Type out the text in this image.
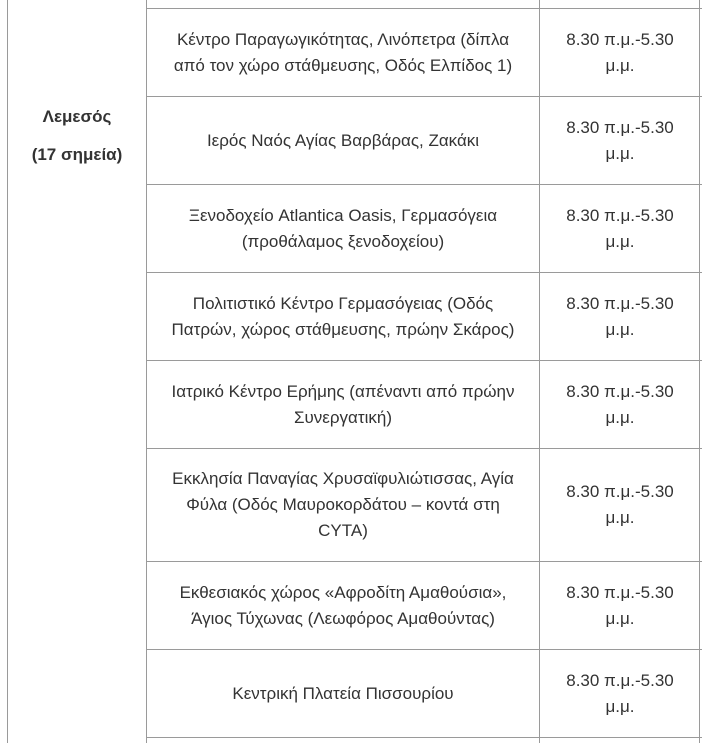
Λεμεσός
(17 σημεία)
Κέντρο Παραγωγικότητας, Λινόπετρα (δίπλα από τον χώρο στάθμευσης, Οδός Ελπίδος 1)
8.30 π.μ.-5.30 μ.μ.
Ιερός Ναός Αγίας Βαρβάρας, Ζακάκι
8.30 π.μ.-5.30 μ.μ.
Ξενοδοχείο Atlantica Oasis, Γερμασόγεια (προθάλαμος ξενοδοχείου)
8.30 π.μ.-5.30 μ.μ.
Πολιτιστικό Κέντρο Γερμασόγειας (Οδός Πατρών, χώρος στάθμευσης, πρώην Σκάρος)
8.30 π.μ.-5.30 μ.μ.
Ιατρικό Κέντρο Ερήμης (απέναντι από πρώην Συνεργατική)
8.30 π.μ.-5.30 μ.μ.
Εκκλησία Παναγίας Χρυσαϊφυλιώτισσας, Αγία Φύλα (Οδός Μαυροκορδάτου – κοντά στη CYTA)
8.30 π.μ.-5.30 μ.μ.
Εκθεσιακός χώρος «Αφροδίτη Αμαθούσια», Άγιος Τύχωνας (Λεωφόρος Αμαθούντας)
8.30 π.μ.-5.30 μ.μ.
Κεντρική Πλατεία Πισσουρίου
8.30 π.μ.-5.30 μ.μ.
